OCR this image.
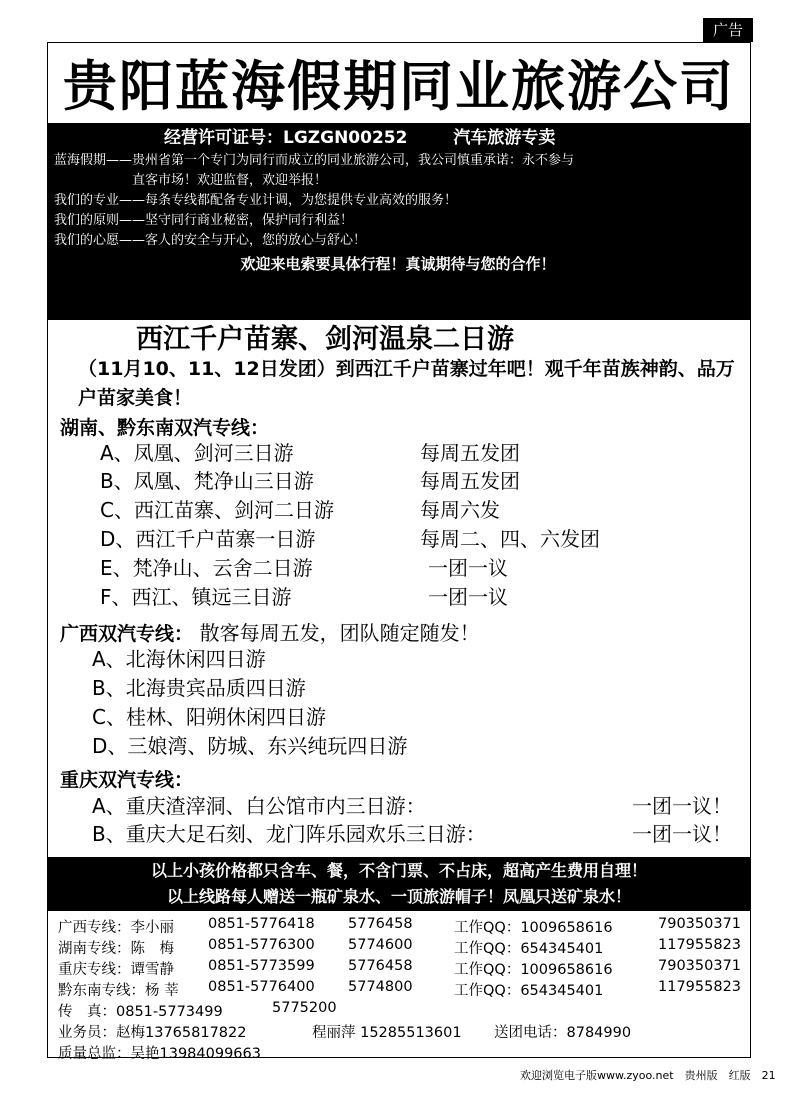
广告
贵阳蓝海假期同业旅游公司
经营许可证号：LGZGN00252	汽车旅游专卖
蓝海假期——贵州省第一个专门为同行而成立的同业旅游公司，我公司慎重承诺：永不参与
直客市场！欢迎监督，欢迎举报！
我们的专业——每条专线都配备专业计调，为您提供专业高效的服务！
我们的原则——坚守同行商业秘密，保护同行利益！
我们的心愿——客人的安全与开心，您的放心与舒心！
欢迎来电索要具体行程！真诚期待与您的合作！
本期隆重推出：
西江千户苗寨、剑河温泉二日游
（11月10、11、12日发团）到西江千户苗寨过年吧！观千年苗族神韵、品万户苗家美食！
湖南、黔东南双汽专线：
A、凤凰、剑河三日游	每周五发团
B、凤凰、梵净山三日游	每周五发团
C、西江苗寨、剑河二日游	每周六发
D、西江千户苗寨一日游	每周二、四、六发团
E、梵净山、云舍二日游	一团一议
F、西江、镇远三日游	一团一议
广西双汽专线： 散客每周五发，团队随定随发！
A、北海休闲四日游
B、北海贵宾品质四日游
C、桂林、阳朔休闲四日游
D、三娘湾、防城、东兴纯玩四日游
重庆双汽专线：
A、重庆渣滓洞、白公馆市内三日游：	一团一议！
B、重庆大足石刻、龙门阵乐园欢乐三日游：	一团一议！
以上小孩价格都只含车、餐，不含门票、不占床，超高产生费用自理！
以上线路每人赠送一瓶矿泉水、一顶旅游帽子！凤凰只送矿泉水！
广西专线：李小丽 0851-5776418 5776458	工作QQ：1009658616	790350371
湖南专线：陈　梅 0851-5776300 5774600	工作QQ：654345401	117955823
重庆专线：谭雪静 0851-5773599 5776458	工作QQ：1009658616	790350371
黔东南专线：杨 莘 0851-5776400 5774800	工作QQ：654345401	117955823
传　真：0851-5773499	5775200
业务员：赵梅13765817822	程丽萍 15285513601 送团电话：8784990
质量总监：吴艳13984099663
欢迎浏览电子版www.zyoo.net　贵州版　红版　21
